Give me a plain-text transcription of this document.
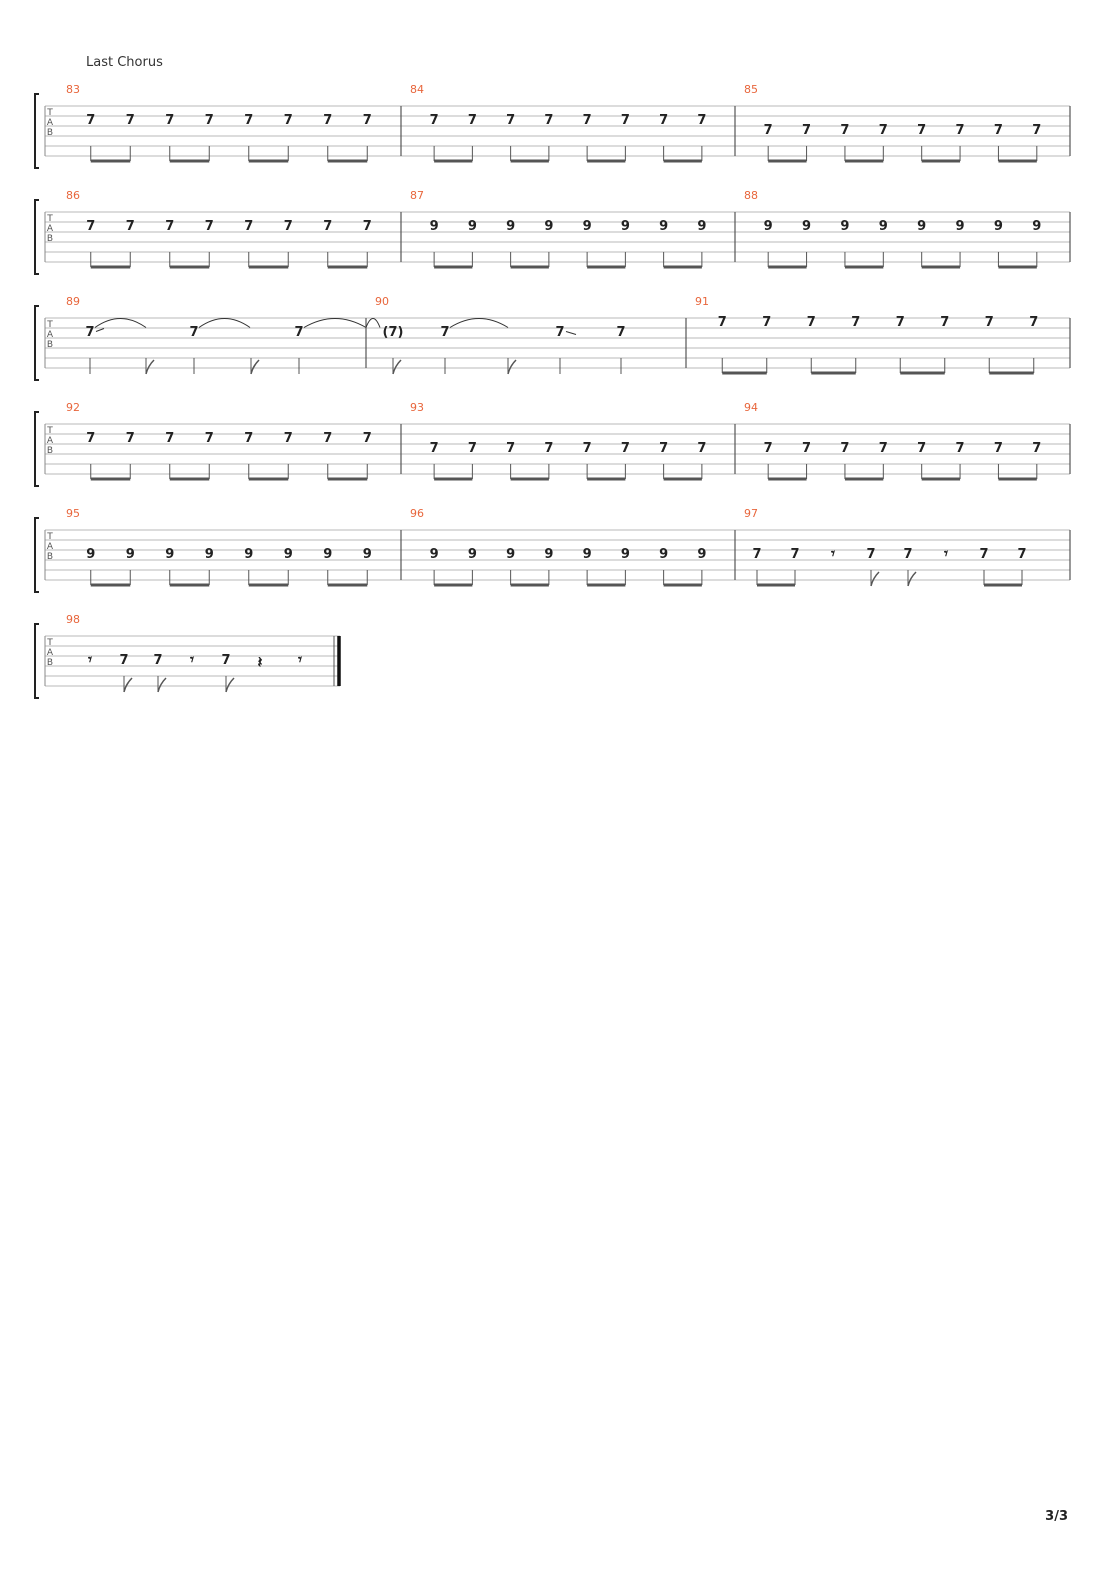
Last Chorus
T
A
B
83
7 7 7 7 7 7 7 7
84
7 7 7 7 7 7 7 7
85
7 7 7 7 7 7 7 7
T
A
B
86
7 7 7 7 7 7 7 7
87
9 9 9 9 9 9 9 9
88
9 9 9 9 9 9 9 9
T
A
B
89
7	7	7
90
(7)	7	7	7
91
7	7	7	7	7	7	7	7
T
A
B
92
7 7 7 7 7 7 7 7
93
7 7 7 7 7 7 7 7
94
7 7 7 7 7 7 7 7
T
A
B
95
9 9 9 9 9 9 9 9
96
9 9 9 9 9 9 9 9
97
7 7 𝄾 7 7 𝄾 7 7
T
A
B
98
𝄾 7 7 𝄾 7 𝄽 𝄾
3/3
